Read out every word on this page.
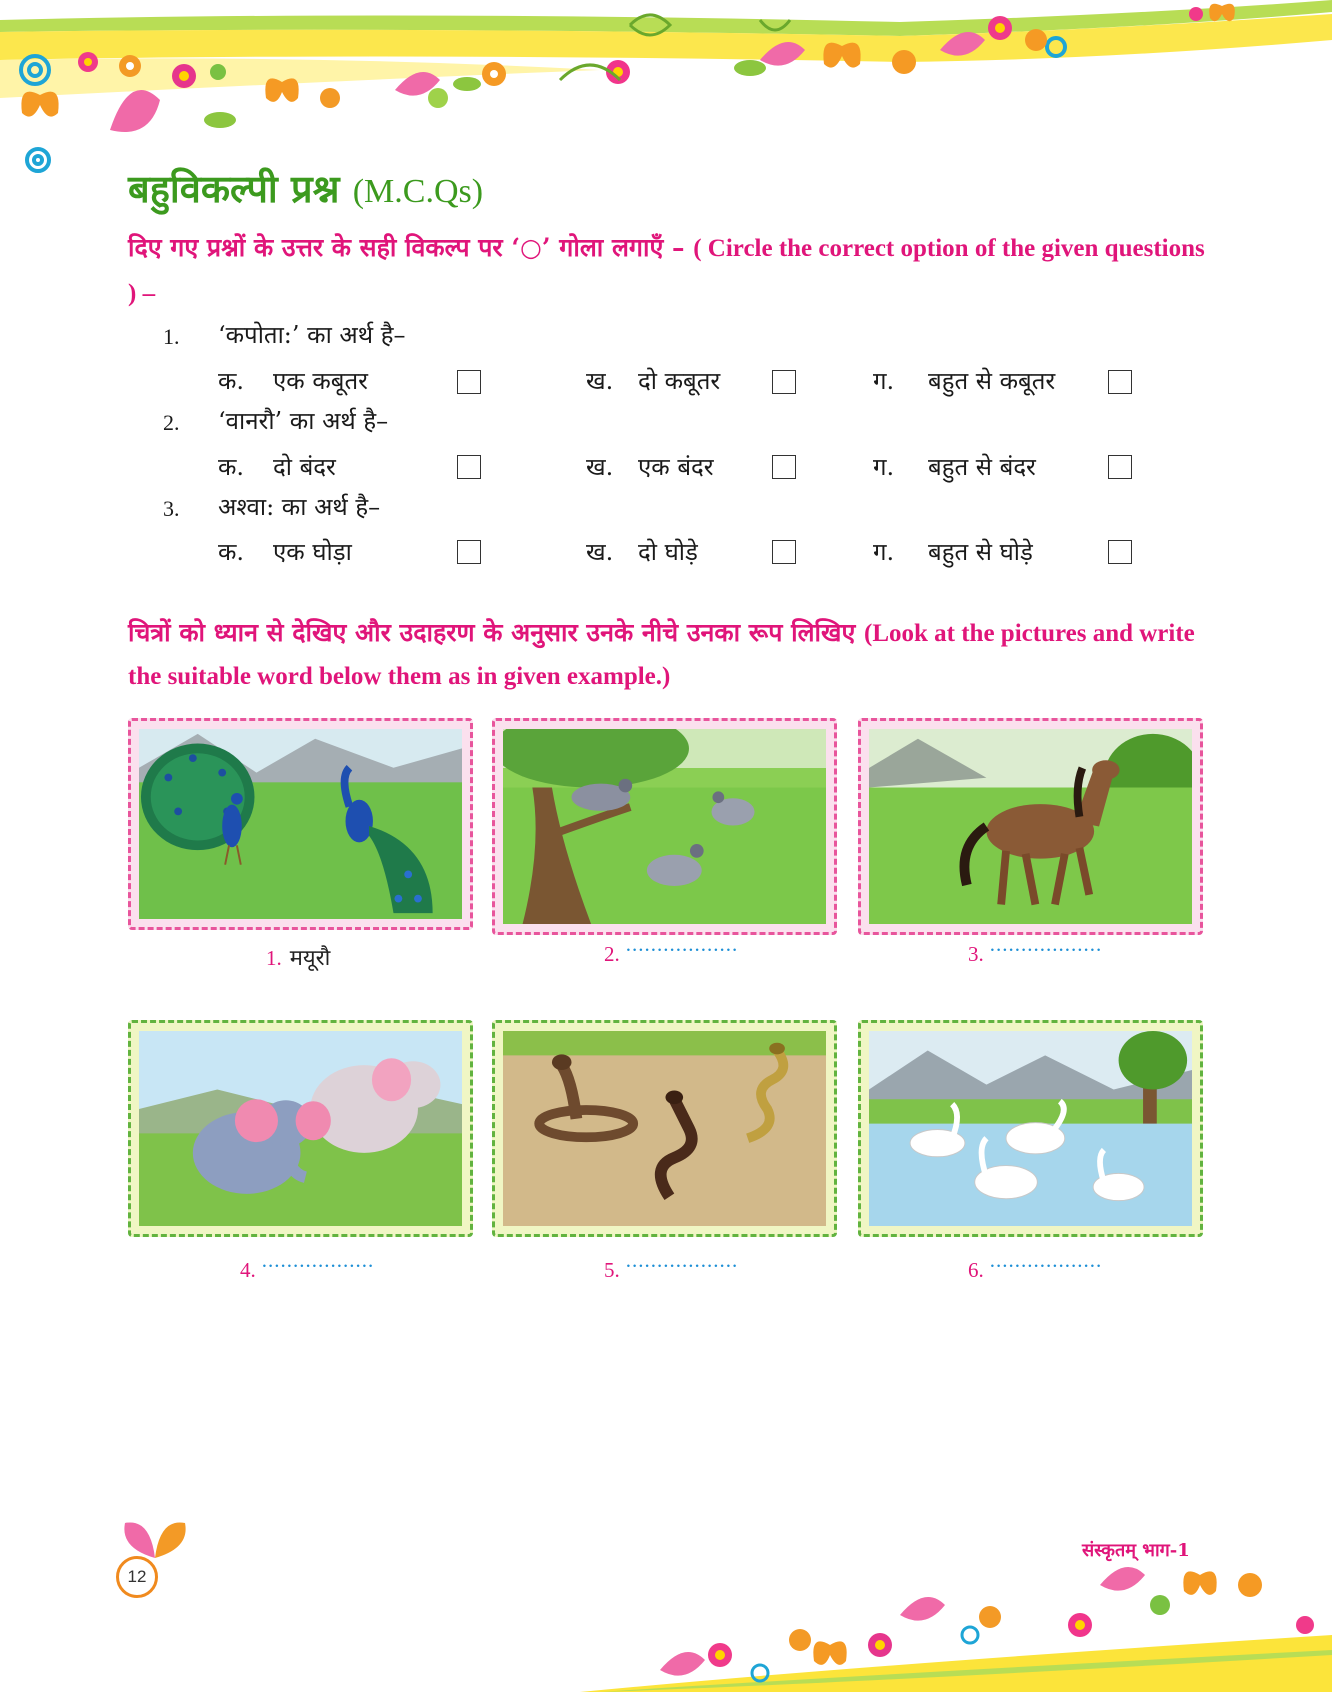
बहुविकल्पी प्रश्न (M.C.Qs)
दिए गए प्रश्नों के उत्तर के सही विकल्प पर ‘○’ गोला लगाएँ – ( Circle the correct option of the given questions ) –
1. ‘कपोता:’ का अर्थ है–
क. एक कबूतर	ख. दो कबूतर	ग. बहुत से कबूतर
2. ‘वानरौ’ का अर्थ है–
क. दो बंदर	ख. एक बंदर	ग. बहुत से बंदर
3. अश्वा: का अर्थ है–
क. एक घोड़ा	ख. दो घोड़े	ग. बहुत से घोड़े
चित्रों को ध्यान से देखिए और उदाहरण के अनुसार उनके नीचे उनका रूप लिखिए (Look at the pictures and write the suitable word below them as in given example.)
1. मयूरौ	2. ..................	3. ..................
4. ..................	5. ..................	6. ..................
12
संस्कृतम् भाग-1
